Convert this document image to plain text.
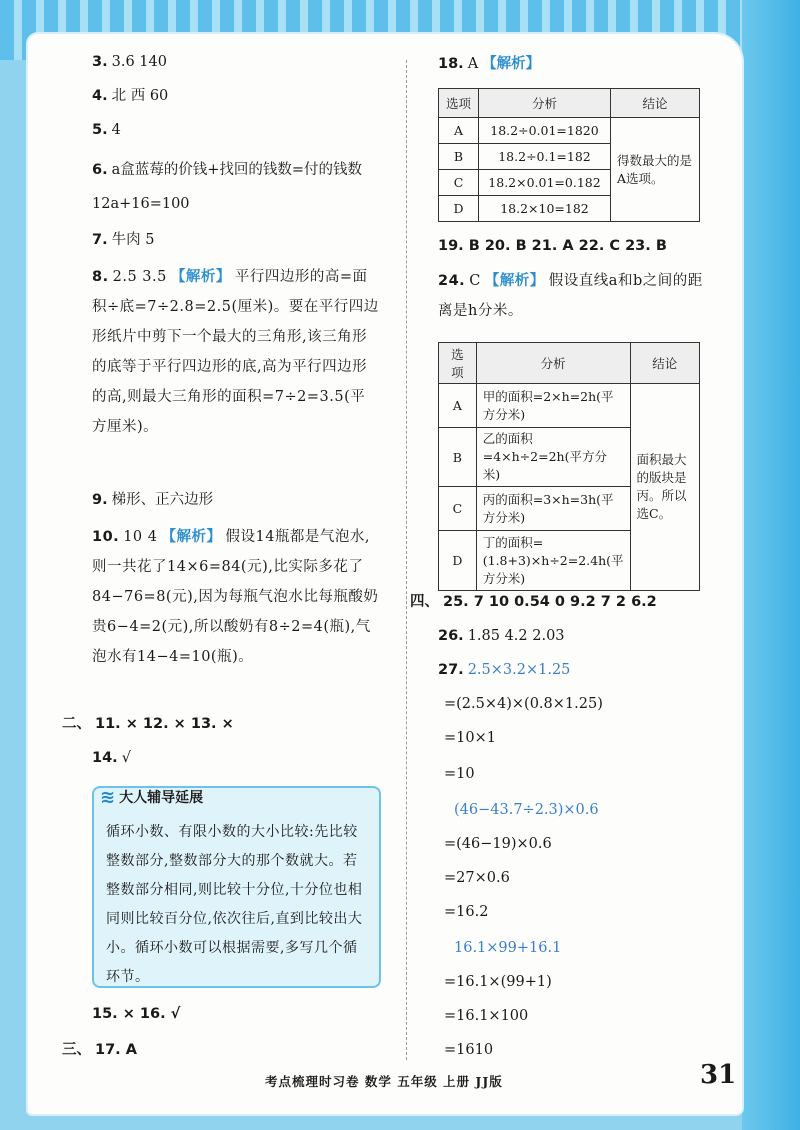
3. 3.6 140
4. 北 西 60
5. 4
6. a盒蓝莓的价钱+找回的钱数=付的钱数
12a+16=100
7. 牛肉 5
8. 2.5 3.5 【解析】 平行四边形的高=面积÷底=7÷2.8=2.5(厘米)。要在平行四边形纸片中剪下一个最大的三角形,该三角形的底等于平行四边形的底,高为平行四边形的高,则最大三角形的面积=7÷2=3.5(平方厘米)。
9. 梯形、正六边形
10. 10 4 【解析】 假设14瓶都是气泡水,则一共花了14×6=84(元),比实际多花了84−76=8(元),因为每瓶气泡水比每瓶酸奶贵6−4=2(元),所以酸奶有8÷2=4(瓶),气泡水有14−4=10(瓶)。
二、 11. × 12. × 13. ×
14. √
≋ 大人辅导延展
循环小数、有限小数的大小比较:先比较整数部分,整数部分大的那个数就大。若整数部分相同,则比较十分位,十分位也相同则比较百分位,依次往后,直到比较出大小。循环小数可以根据需要,多写几个循环节。
15. × 16. √
三、 17. A
18. A 【解析】
选项	分析	结论
A	18.2÷0.01=1820	得数最大的是A选项。
B	18.2÷0.1=182	
C	18.2×0.01=0.182	
D	18.2×10=182	
19. B 20. B 21. A 22. C 23. B
24. C 【解析】 假设直线a和b之间的距离是h分米。
选项	分析	结论
A	甲的面积=2×h=2h(平方分米)	面积最大的版块是丙。所以选C。
B	乙的面积=4×h÷2=2h(平方分米)	
C	丙的面积=3×h=3h(平方分米)	
D	丁的面积=(1.8+3)×h÷2=2.4h(平方分米)	
四、 25. 7 10 0.54 0 9.2 7 2 6.2
26. 1.85 4.2 2.03
27. 2.5×3.2×1.25
=(2.5×4)×(0.8×1.25)
=10×1
=10
(46−43.7÷2.3)×0.6
=(46−19)×0.6
=27×0.6
=16.2
16.1×99+16.1
=16.1×(99+1)
=16.1×100
=1610
考点梳理时习卷 数学 五年级 上册 JJ版	31
